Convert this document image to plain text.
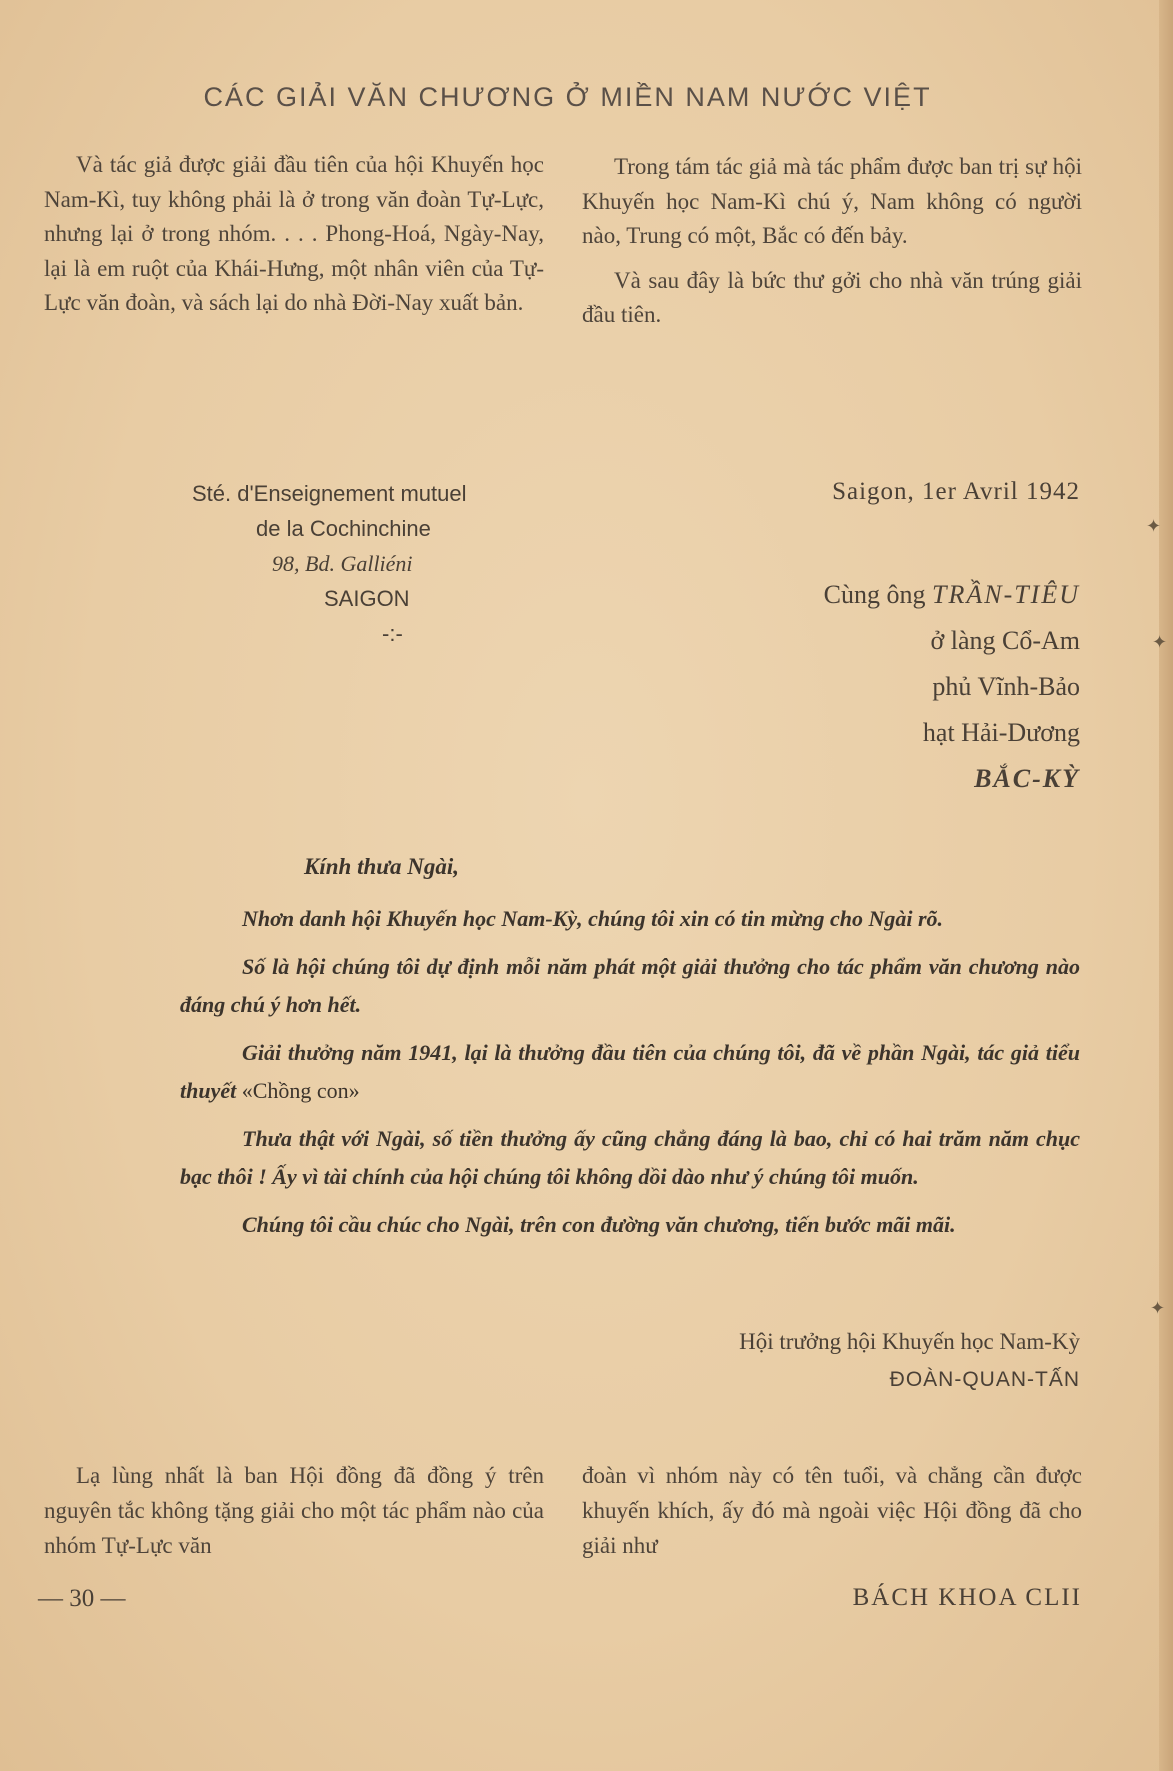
CÁC GIẢI VĂN CHƯƠNG Ở MIỀN NAM NƯỚC VIỆT

Và tác giả được giải đầu tiên của hội Khuyến học Nam-Kì, tuy không phải là ở trong văn đoàn Tự-Lực, nhưng lại ở trong nhóm. . . . Phong-Hoá, Ngày-Nay, lại là em ruột của Khái-Hưng, một nhân viên của Tự-Lực văn đoàn, và sách lại do nhà Đời-Nay xuất bản.

Trong tám tác giả mà tác phẩm được ban trị sự hội Khuyến học Nam-Kì chú ý, Nam không có người nào, Trung có một, Bắc có đến bảy.

Và sau đây là bức thư gởi cho nhà văn trúng giải đầu tiên.

Sté. d'Enseignement mutuel
de la Cochinchine
98, Bd. Galliéni
SAIGON
-:-
Saigon, 1er Avril 1942
Cùng ông TRẦN-TIÊU
ở làng Cổ-Am
phủ Vĩnh-Bảo
hạt Hải-Dương
BẮC-KỲ
Kính thưa Ngài,

Nhơn danh hội Khuyến học Nam-Kỳ, chúng tôi xin có tin mừng cho Ngài rõ.

Số là hội chúng tôi dự định mỗi năm phát một giải thưởng cho tác phẩm văn chương nào đáng chú ý hơn hết.

Giải thưởng năm 1941, lại là thưởng đầu tiên của chúng tôi, đã về phần Ngài, tác giả tiểu thuyết «Chồng con»

Thưa thật với Ngài, số tiền thưởng ấy cũng chẳng đáng là bao, chỉ có hai trăm năm chục bạc thôi ! Ấy vì tài chính của hội chúng tôi không dồi dào như ý chúng tôi muốn.

Chúng tôi cầu chúc cho Ngài, trên con đường văn chương, tiến bước mãi mãi.

Hội trưởng hội Khuyến học Nam-Kỳ
ĐOÀN-QUAN-TẤN

Lạ lùng nhất là ban Hội đồng đã đồng ý trên nguyên tắc không tặng giải cho một tác phẩm nào của nhóm Tự-Lực văn

đoàn vì nhóm này có tên tuổi, và chẳng cần được khuyến khích, ấy đó mà ngoài việc Hội đồng đã cho giải như

— 30 —	BÁCH KHOA CLII
✦
✦
✦
